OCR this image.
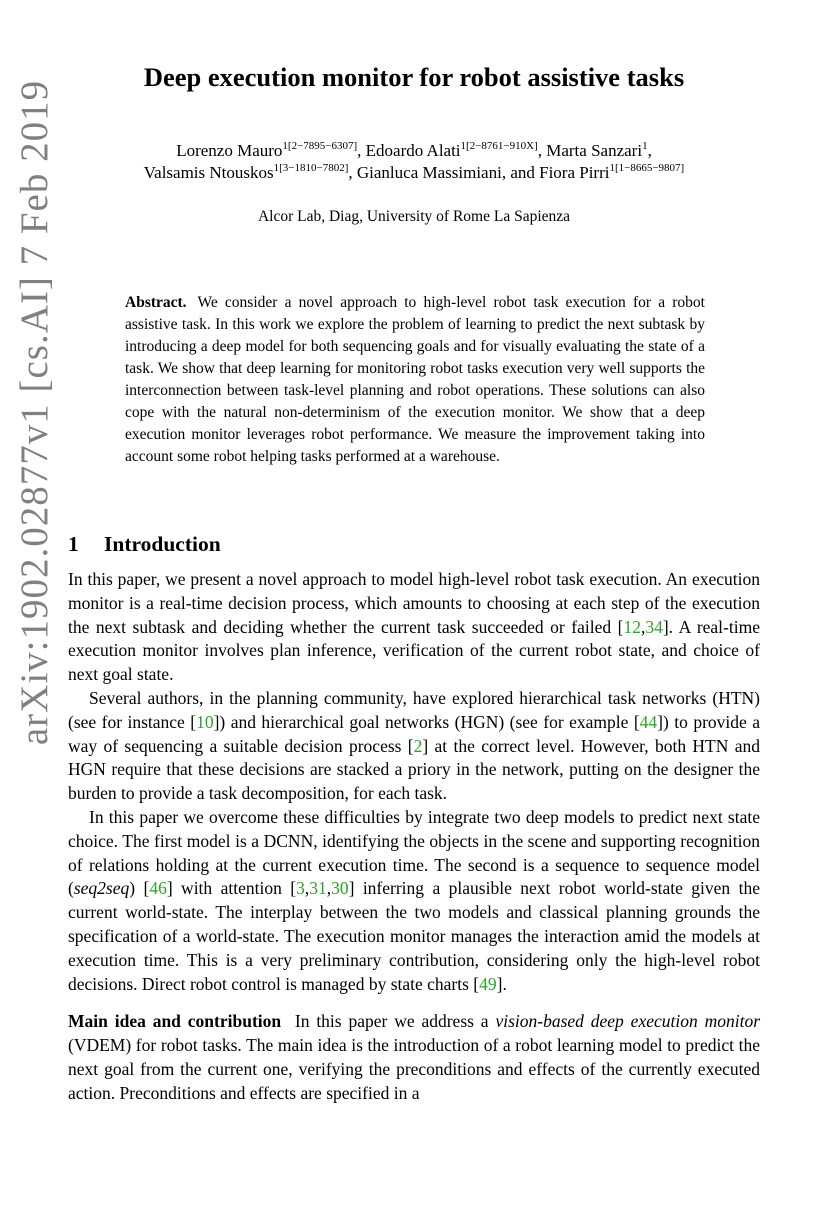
arXiv:1902.02877v1 [cs.AI] 7 Feb 2019
Deep execution monitor for robot assistive tasks
Lorenzo Mauro$^{1[2-7895-6307]}$, Edoardo Alati$^{1[2-8761-910X]}$, Marta Sanzari$^1$,
Valsamis Ntouskos$^{1[3-1810-7802]}$, Gianluca Massimiani, and Fiora Pirri$^{1[1-8665-9807]}$
Alcor Lab, Diag, University of Rome La Sapienza
Abstract. We consider a novel approach to high-level robot task execution for a robot assistive task. In this work we explore the problem of learning to predict the next subtask by introducing a deep model for both sequencing goals and for visually evaluating the state of a task. We show that deep learning for monitoring robot tasks execution very well supports the interconnection between task-level planning and robot operations. These solutions can also cope with the natural non-determinism of the execution monitor. We show that a deep execution monitor leverages robot performance. We measure the improvement taking into account some robot helping tasks performed at a warehouse.
1 Introduction

In this paper, we present a novel approach to model high-level robot task execution. An execution monitor is a real-time decision process, which amounts to choosing at each step of the execution the next subtask and deciding whether the current task succeeded or failed [12,34]. A real-time execution monitor involves plan inference, verification of the current robot state, and choice of next goal state.

Several authors, in the planning community, have explored hierarchical task networks (HTN) (see for instance [10]) and hierarchical goal networks (HGN) (see for example [44]) to provide a way of sequencing a suitable decision process [2] at the correct level. However, both HTN and HGN require that these decisions are stacked a priory in the network, putting on the designer the burden to provide a task decomposition, for each task.

In this paper we overcome these difficulties by integrate two deep models to predict next state choice. The first model is a DCNN, identifying the objects in the scene and supporting recognition of relations holding at the current execution time. The second is a sequence to sequence model (seq2seq) [46] with attention [3,31,30] inferring a plausible next robot world-state given the current world-state. The interplay between the two models and classical planning grounds the specification of a world-state. The execution monitor manages the interaction amid the models at execution time. This is a very preliminary contribution, considering only the high-level robot decisions. Direct robot control is managed by state charts [49].

Main idea and contribution In this paper we address a vision-based deep execution monitor (VDEM) for robot tasks. The main idea is the introduction of a robot learning model to predict the next goal from the current one, verifying the preconditions and effects of the currently executed action. Preconditions and effects are specified in a
